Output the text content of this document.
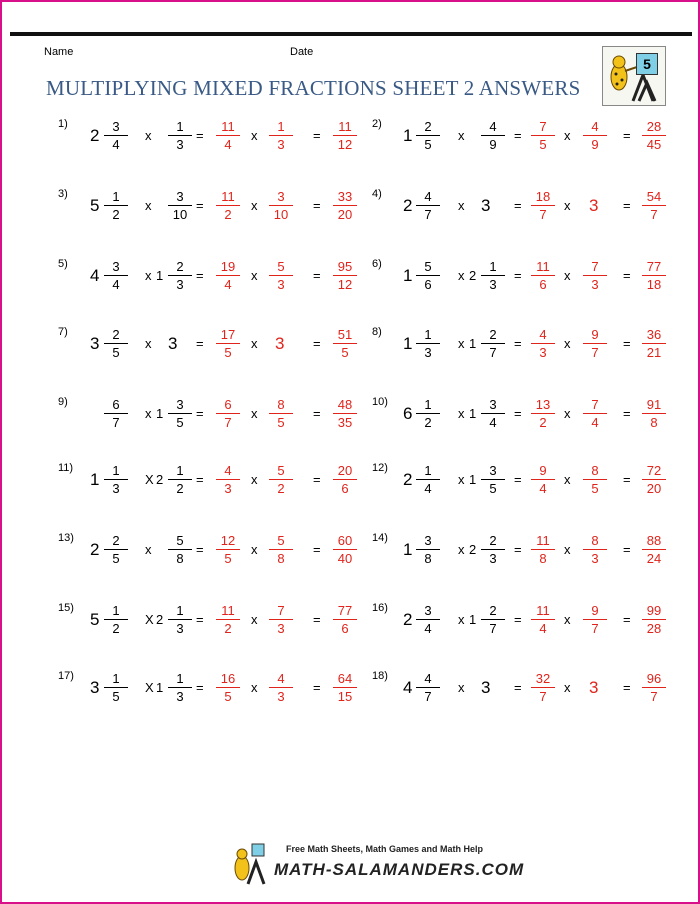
Name	Date
MULTIPLYING MIXED FRACTIONS SHEET 2 ANSWERS
5
1)
2 3
4
x
1
3
=
11
4
x
1
3
=
11
12
2)
1 2
5
x
4
9
=
7
5
x
4
9
=
28
45
3)
5 1
2
x
3
10
=
11
2
x
3
10
=
33
20
4)
2 4
7
x 3 =
18
7
x 3 =
54
7
5)
4 3
4
x 1
2
3
=
19
4
x
5
3
=
95
12
6)
1 5
6
x 2
1
3
=
11
6
x
7
3
=
77
18
7)
3 2
5
x 3 =
17
5
x 3 =
51
5
8)
1 1
3
x 1
2
7
=
4
3
x
9
7
=
36
21
9)	6
7
x 1
3
5
=
6
7
x
8
5
=
48
35
10)
6 1
2
x 1
3
4
=
13
2
x
7
4
=
91
8
11)
1 1
3
X 2
1
2
=
4
3
x
5
2
=
20
6
12)
2 1
4
x 1
3
5
=
9
4
x
8
5
=
72
20
13)
2 2
5
x
5
8
=
12
5
x
5
8
=
60
40
14)
1 3
8
x 2
2
3
=
11
8
x
8
3
=
88
24
15)
5 1
2
X 2
1
3
=
11
2
x
7
3
=
77
6
16)
2 3
4
x 1
2
7
=
11
4
x
9
7
=
99
28
17)
3 1
5
X 1
1
3
=
16
5
x
4
3
=
64
15
18)
4 4
7
x 3 =
32
7
x 3 =
96
7
Free Math Sheets, Math Games and Math Help
MATH-SALAMANDERS.COM
